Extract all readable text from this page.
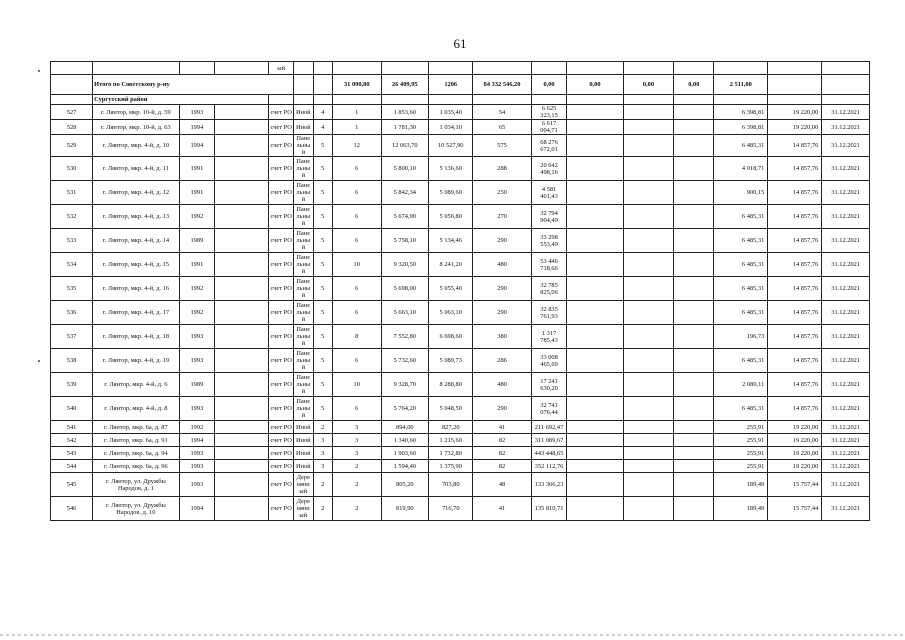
61
				ый													
	Итого по Советскому р-ну						31 090,80	26 409,95	1206	84 332 546,20	0,00	0,00	0,00	0,00	2 511,80		
	Сургутский район																
527	г. Лянтор, мкр. 10-й, д. 59	1993		счет РО	Иной	4	1	1 853,60	1 035,40	54	6 625 323,15				6 398,81	19 220,00	31.12.2021
528	г. Лянтор, мкр. 10-й, д. 63	1994		счет РО	Иной	4	1	1 781,30	1 034,10	65	6 617 004,71				6 398,81	19 220,00	31.12.2021
529	г. Лянтор, мкр. 4-й, д. 10	1994		счет РО	Пане льны й	5	12	12 063,70	10 527,90	575	68 276 672,01				6 485,31	14 857,76	31.12.2021
530	г. Лянтор, мкр. 4-й, д. 11	1991		счет РО	Пане льны й	5	6	5 800,10	5 136,60	288	20 642 498,16				4 018,71	14 857,76	31.12.2021
531	г. Лянтор, мкр. 4-й, д. 12	1991		счет РО	Пане льны й	5	6	5 842,34	5 089,60	250	4 581 401,43				900,15	14 857,76	31.12.2021
532	г. Лянтор, мкр. 4-й, д. 13	1992		счет РО	Пане льны й	5	6	5 674,90	5 056,80	270	32 794 904,49				6 485,31	14 857,76	31.12.2021
533	г. Лянтор, мкр. 4-й, д. 14	1989		счет РО	Пане льны й	5	6	5 758,10	5 134,46	290	33 298 553,49				6 485,31	14 857,76	31.12.2021
534	г. Лянтор, мкр. 4-й, д. 15	1991		счет РО	Пане льны й	5	10	9 320,50	8 241,20	480	53 446 718,66				6 485,31	14 857,76	31.12.2021
535	г. Лянтор, мкр. 4-й, д. 16	1992		счет РО	Пане льны й	5	6	5 698,00	5 055,40	290	32 785 825,06				6 485,31	14 857,76	31.12.2021
536	г. Лянтор, мкр. 4-й, д. 17	1992		счет РО	Пане льны й	5	6	5 663,10	5 063,10	290	32 835 761,93				6 485,31	14 857,76	31.12.2021
537	г. Лянтор, мкр. 4-й, д. 18	1993		счет РО	Пане льны й	5	8	7 552,80	6 698,60	380	1 317 785,43				196,73	14 857,76	31.12.2021
538	г. Лянтор, мкр. 4-й, д. 19	1993		счет РО	Пане льны й	5	6	5 732,60	5 089,73	286	33 008 465,69				6 485,31	14 857,76	31.12.2021
539	г. Лянтор, мкр. 4-й, д. 6	1989		счет РО	Пане льны й	5	10	9 328,70	8 288,80	480	17 241 630,20				2 080,11	14 857,76	31.12.2021
540	г. Лянтор, мкр. 4-й, д. 8	1993		счет РО	Пане льны й	5	6	5 764,20	5 048,50	290	32 741 076,44				6 485,31	14 857,76	31.12.2021
541	г. Лянтор, мкр. 6а, д. 87	1992		счет РО	Иной	2	3	894,00	827,20	41	211 692,47				255,91	19 220,00	31.12.2021
542	г. Лянтор, мкр. 6а, д. 91	1994		счет РО	Иной	3	3	1 340,60	1 215,60	82	311 089,67				255,91	19 220,00	31.12.2021
543	г. Лянтор, мкр. 6а, д. 94	1993		счет РО	Иной	3	3	1 903,60	1 732,80	82	443 448,65				255,91	19 220,00	31.12.2021
544	г. Лянтор, мкр. 6а, д. 96	1993		счет РО	Иной	3	2	1 594,40	1 375,90	82	352 112,76				255,91	19 220,00	31.12.2021
545	г. Лянтор, ул. Дружбы Народов, д. 1	1993		счет РО	Дере вянн ый	2	2	805,20	703,80	48	133 366,23				189,49	15 757,44	31.12.2021
546	г. Лянтор, ул. Дружбы Народов, д. 10	1994		счет РО	Дере вянн ый	2	2	819,90	716,70	41	135 810,71				189,49	15 757,44	31.12.2021
